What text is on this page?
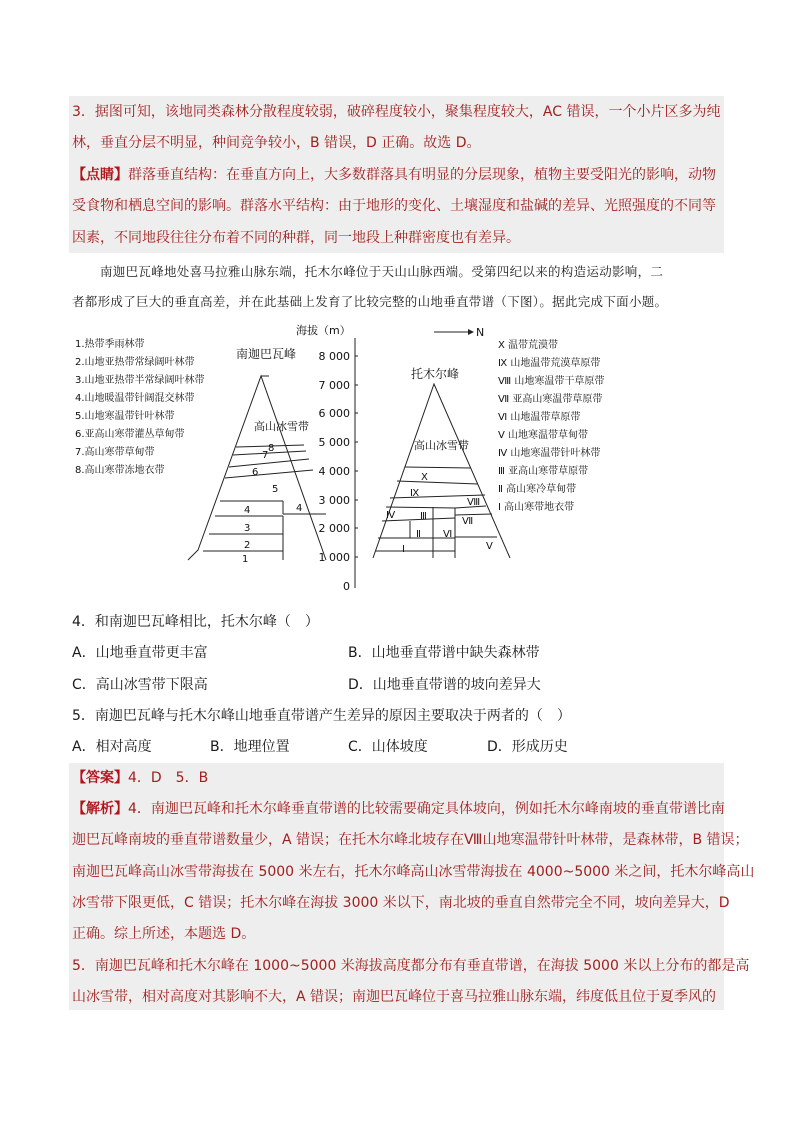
3．据图可知，该地同类森林分散程度较弱，破碎程度较小，聚集程度较大，AC 错误，一个小片区多为纯
林，垂直分层不明显，种间竞争较小，B 错误，D 正确。故选 D。
【点睛】群落垂直结构：在垂直方向上，大多数群落具有明显的分层现象，植物主要受阳光的影响，动物
受食物和栖息空间的影响。群落水平结构：由于地形的变化、土壤湿度和盐碱的差异、光照强度的不同等
因素，不同地段往往分布着不同的种群，同一地段上种群密度也有差异。
南迦巴瓦峰地处喜马拉雅山脉东端，托木尔峰位于天山山脉西端。受第四纪以来的构造运动影响，二
者都形成了巨大的垂直高差，并在此基础上发育了比较完整的山地垂直带谱（下图）。据此完成下面小题。
1.热带季雨林带
2.山地亚热带常绿阔叶林带
3.山地亚热带半常绿阔叶林带
4.山地暖温带针阔混交林带
5.山地寒温带针叶林带
6.亚高山寒带灌丛草甸带
7.高山寒带草甸带
8.高山寒带冻地衣带
南迦巴瓦峰
高山冰雪带
1
2
3
4	4
5
6
7
8
海拔（m）
8 000
7 000
6 000
5 000
4 000
3 000
2 000
1 000
0
N
托木尔峰
高山冰雪带
Ⅰ
Ⅱ
Ⅲ
Ⅳ
Ⅴ
Ⅵ
Ⅶ
Ⅷ
Ⅸ
Ⅹ
Ⅹ 温带荒漠带
Ⅸ 山地温带荒漠草原带
Ⅷ 山地寒温带干草原带
Ⅶ 亚高山寒温带草原带
Ⅵ 山地温带草原带
Ⅴ 山地寒温带草甸带
Ⅳ 山地寒温带针叶林带
Ⅲ 亚高山寒带草原带
Ⅱ 高山寒冷草甸带
Ⅰ 高山寒带地衣带
4．和南迦巴瓦峰相比，托木尔峰（　）
A．山地垂直带更丰富	B．山地垂直带谱中缺失森林带
C．高山冰雪带下限高	D．山地垂直带谱的坡向差异大
5．南迦巴瓦峰与托木尔峰山地垂直带谱产生差异的原因主要取决于两者的（　）
A．相对高度	B．地理位置	C．山体坡度	D．形成历史
【答案】4．D　5．B
【解析】4．南迦巴瓦峰和托木尔峰垂直带谱的比较需要确定具体坡向，例如托木尔峰南坡的垂直带谱比南
迦巴瓦峰南坡的垂直带谱数量少，A 错误；在托木尔峰北坡存在Ⅷ山地寒温带针叶林带，是森林带，B 错误；
南迦巴瓦峰高山冰雪带海拔在 5000 米左右，托木尔峰高山冰雪带海拔在 4000~5000 米之间，托木尔峰高山
冰雪带下限更低，C 错误；托木尔峰在海拔 3000 米以下，南北坡的垂直自然带完全不同，坡向差异大，D
正确。综上所述，本题选 D。
5．南迦巴瓦峰和托木尔峰在 1000~5000 米海拔高度都分布有垂直带谱，在海拔 5000 米以上分布的都是高
山冰雪带，相对高度对其影响不大，A 错误；南迦巴瓦峰位于喜马拉雅山脉东端，纬度低且位于夏季风的
